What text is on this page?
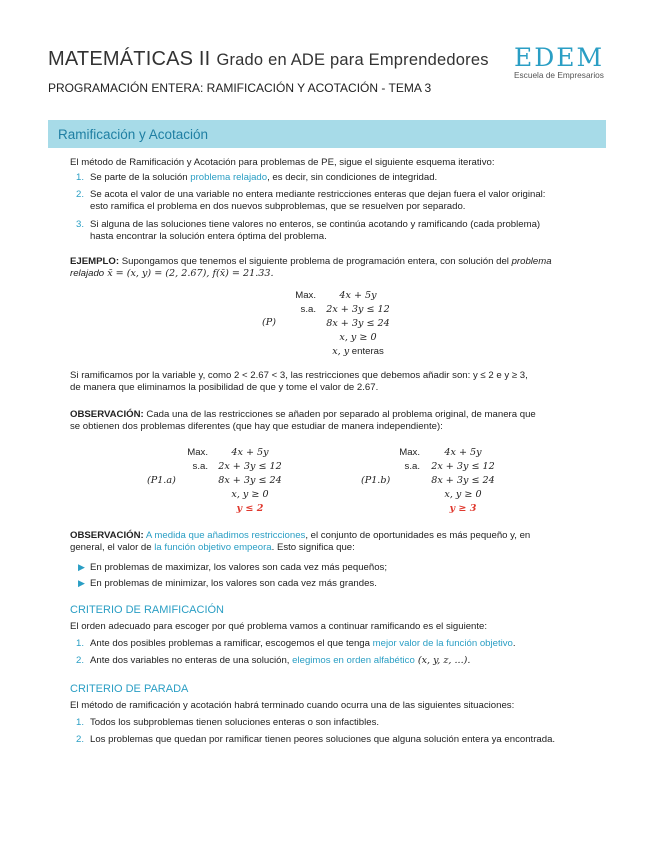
MATEMÁTICAS II Grado en ADE para Emprendedores
PROGRAMACIÓN ENTERA: RAMIFICACIÓN Y ACOTACIÓN - TEMA 3
EDEM
Escuela de Empresarios
Ramificación y Acotación
El método de Ramificación y Acotación para problemas de PE, sigue el siguiente esquema iterativo:
1. Se parte de la solución problema relajado, es decir, sin condiciones de integridad.
2. Se acota el valor de una variable no entera mediante restricciones enteras que dejan fuera el valor original:
esto ramifica el problema en dos nuevos subproblemas, que se resuelven por separado.
3. Si alguna de las soluciones tiene valores no enteros, se continúa acotando y ramificando (cada problema)
hasta encontrar la solución entera óptima del problema.
EJEMPLO: Supongamos que tenemos el siguiente problema de programación entera, con solución del problema
relajado x̄ = (x, y) = (2, 2.67), f(x̄) = 21.33.
(P)
Max.
s.a.
4x + 5y
2x + 3y ≤ 12
8x + 3y ≤ 24
x, y ≥ 0
x, y enteras
Si ramificamos por la variable y, como 2 < 2.67 < 3, las restricciones que debemos añadir son: y ≤ 2 e y ≥ 3,
de manera que eliminamos la posibilidad de que y tome el valor de 2.67.
OBSERVACIÓN: Cada una de las restricciones se añaden por separado al problema original, de manera que
se obtienen dos problemas diferentes (que hay que estudiar de manera independiente):
(P1.a)
Max.
s.a.
4x + 5y
2x + 3y ≤ 12
8x + 3y ≤ 24
x, y ≥ 0
y ≤ 2
(P1.b)
Max.
s.a.
4x + 5y
2x + 3y ≤ 12
8x + 3y ≤ 24
x, y ≥ 0
y ≥ 3
OBSERVACIÓN: A medida que añadimos restricciones, el conjunto de oportunidades es más pequeño y, en
general, el valor de la función objetivo empeora. Esto significa que:
▶ En problemas de maximizar, los valores son cada vez más pequeños;
▶ En problemas de minimizar, los valores son cada vez más grandes.
CRITERIO DE RAMIFICACIÓN
El orden adecuado para escoger por qué problema vamos a continuar ramificando es el siguiente:
1. Ante dos posibles problemas a ramificar, escogemos el que tenga mejor valor de la función objetivo.
2. Ante dos variables no enteras de una solución, elegimos en orden alfabético (x, y, z, ...).
CRITERIO DE PARADA
El método de ramificación y acotación habrá terminado cuando ocurra una de las siguientes situaciones:
1. Todos los subproblemas tienen soluciones enteras o son infactibles.
2. Los problemas que quedan por ramificar tienen peores soluciones que alguna solución entera ya encontrada.
